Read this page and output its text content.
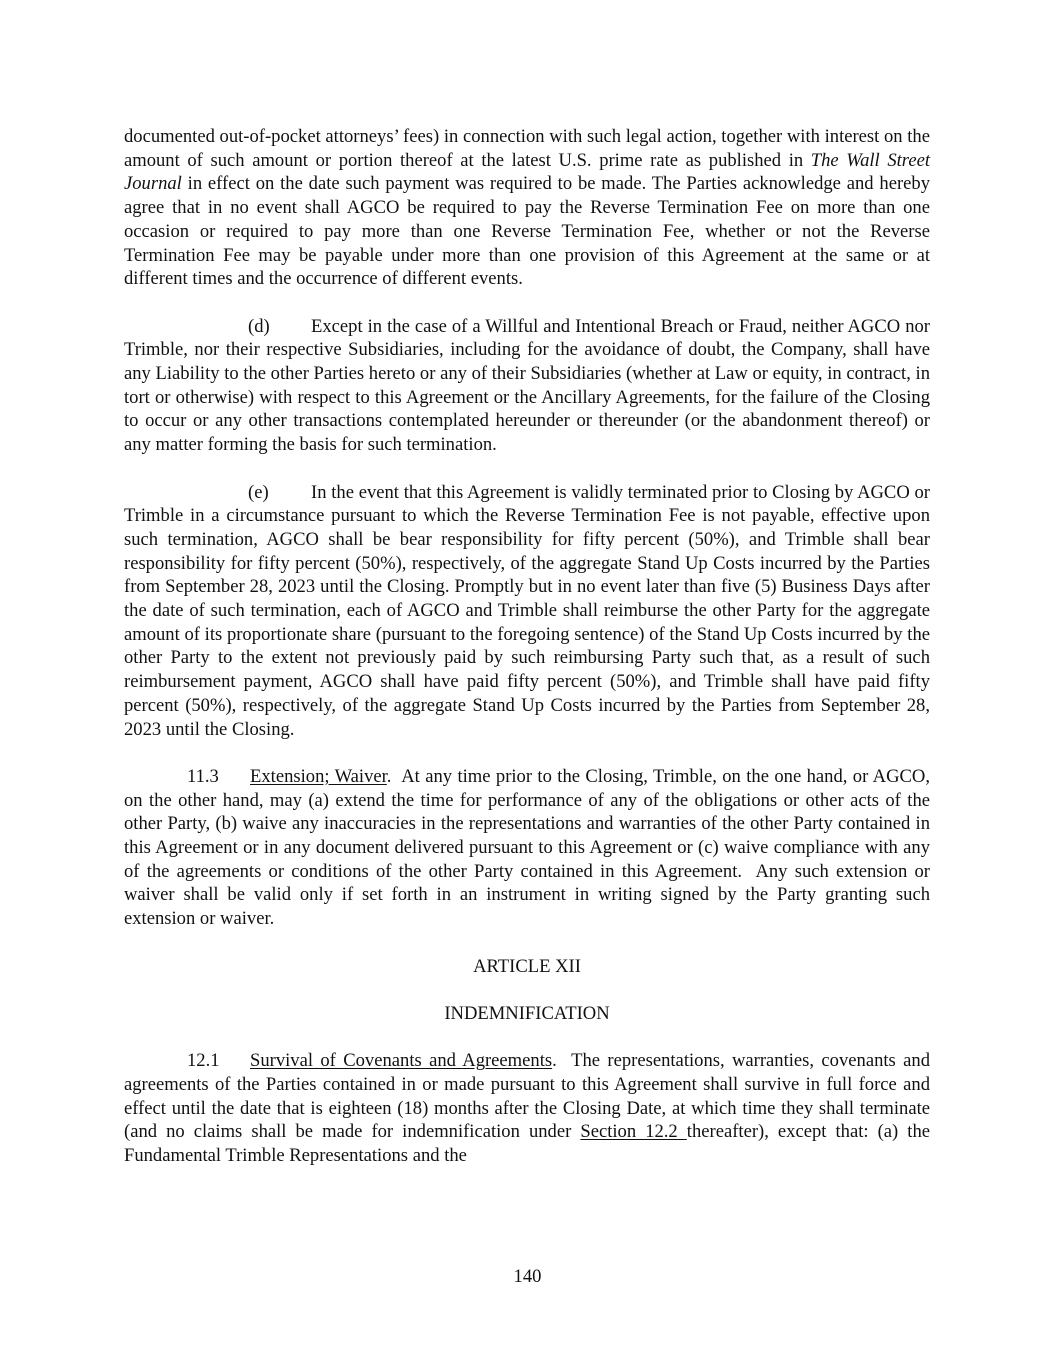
documented out-of-pocket attorneys’ fees) in connection with such legal action, together with interest on the amount of such amount or portion thereof at the latest U.S. prime rate as published in The Wall Street Journal in effect on the date such payment was required to be made. The Parties acknowledge and hereby agree that in no event shall AGCO be required to pay the Reverse Termination Fee on more than one occasion or required to pay more than one Reverse Termination Fee, whether or not the Reverse Termination Fee may be payable under more than one provision of this Agreement at the same or at different times and the occurrence of different events.

(d) Except in the case of a Willful and Intentional Breach or Fraud, neither AGCO nor Trimble, nor their respective Subsidiaries, including for the avoidance of doubt, the Company, shall have any Liability to the other Parties hereto or any of their Subsidiaries (whether at Law or equity, in contract, in tort or otherwise) with respect to this Agreement or the Ancillary Agreements, for the failure of the Closing to occur or any other transactions contemplated hereunder or thereunder (or the abandonment thereof) or any matter forming the basis for such termination.

(e) In the event that this Agreement is validly terminated prior to Closing by AGCO or Trimble in a circumstance pursuant to which the Reverse Termination Fee is not payable, effective upon such termination, AGCO shall be bear responsibility for fifty percent (50%), and Trimble shall bear responsibility for fifty percent (50%), respectively, of the aggregate Stand Up Costs incurred by the Parties from September 28, 2023 until the Closing. Promptly but in no event later than five (5) Business Days after the date of such termination, each of AGCO and Trimble shall reimburse the other Party for the aggregate amount of its proportionate share (pursuant to the foregoing sentence) of the Stand Up Costs incurred by the other Party to the extent not previously paid by such reimbursing Party such that, as a result of such reimbursement payment, AGCO shall have paid fifty percent (50%), and Trimble shall have paid fifty percent (50%), respectively, of the aggregate Stand Up Costs incurred by the Parties from September 28, 2023 until the Closing.

11.3 Extension; Waiver.  At any time prior to the Closing, Trimble, on the one hand, or AGCO, on the other hand, may (a) extend the time for performance of any of the obligations or other acts of the other Party, (b) waive any inaccuracies in the representations and warranties of the other Party contained in this Agreement or in any document delivered pursuant to this Agreement or (c) waive compliance with any of the agreements or conditions of the other Party contained in this Agreement.  Any such extension or waiver shall be valid only if set forth in an instrument in writing signed by the Party granting such extension or waiver.

ARTICLE XII

INDEMNIFICATION

12.1 Survival of Covenants and Agreements.  The representations, warranties, covenants and agreements of the Parties contained in or made pursuant to this Agreement shall survive in full force and effect until the date that is eighteen (18) months after the Closing Date, at which time they shall terminate (and no claims shall be made for indemnification under Section 12.2 thereafter), except that: (a) the Fundamental Trimble Representations and the

140
